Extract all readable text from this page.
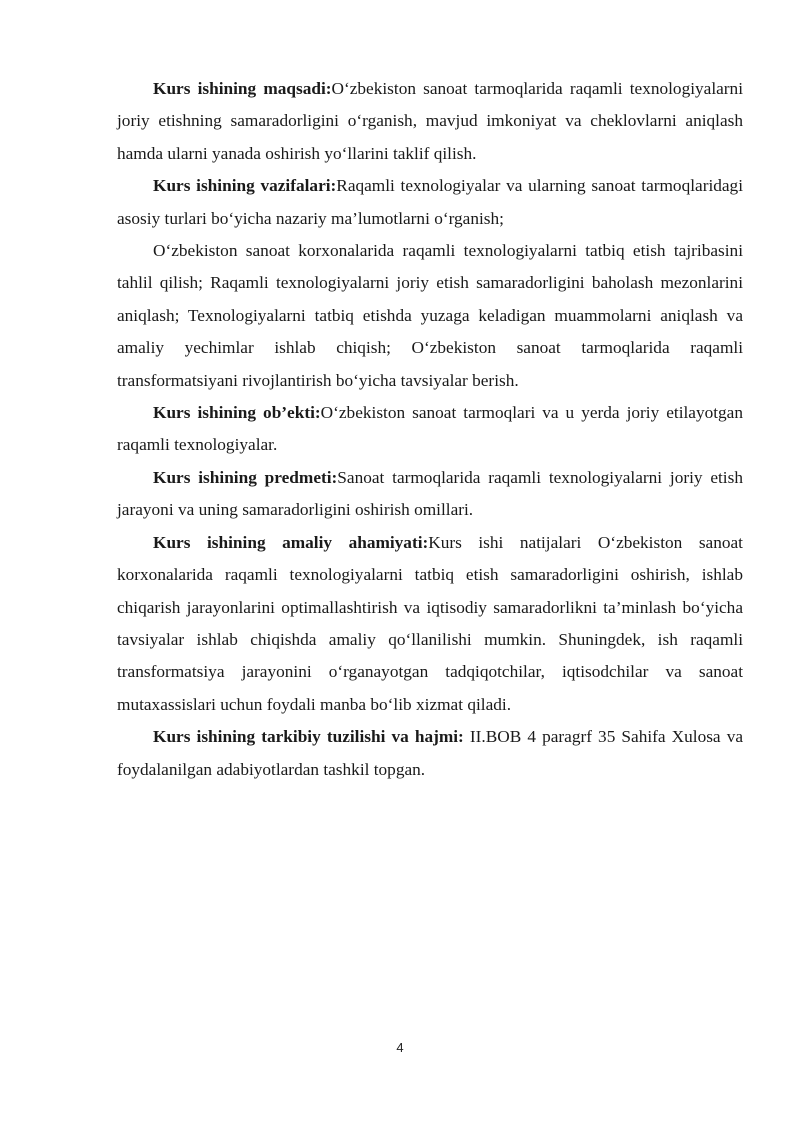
Kurs ishining maqsadi:O‘zbekiston sanoat tarmoqlarida raqamli texnologiyalarni joriy etishning samaradorligini o‘rganish, mavjud imkoniyat va cheklovlarni aniqlash hamda ularni yanada oshirish yo‘llarini taklif qilish.

Kurs ishining vazifalari:Raqamli texnologiyalar va ularning sanoat tarmoqlaridagi asosiy turlari bo‘yicha nazariy ma’lumotlarni o‘rganish;

O‘zbekiston sanoat korxonalarida raqamli texnologiyalarni tatbiq etish tajribasini tahlil qilish; Raqamli texnologiyalarni joriy etish samaradorligini baholash mezonlarini aniqlash; Texnologiyalarni tatbiq etishda yuzaga keladigan muammolarni aniqlash va amaliy yechimlar ishlab chiqish; O‘zbekiston sanoat tarmoqlarida raqamli transformatsiyani rivojlantirish bo‘yicha tavsiyalar berish.

Kurs ishining ob’ekti:O‘zbekiston sanoat tarmoqlari va u yerda joriy etilayotgan raqamli texnologiyalar.

Kurs ishining predmeti:Sanoat tarmoqlarida raqamli texnologiyalarni joriy etish jarayoni va uning samaradorligini oshirish omillari.

Kurs ishining amaliy ahamiyati:Kurs ishi natijalari O‘zbekiston sanoat korxonalarida raqamli texnologiyalarni tatbiq etish samaradorligini oshirish, ishlab chiqarish jarayonlarini optimallashtirish va iqtisodiy samaradorlikni ta’minlash bo‘yicha tavsiyalar ishlab chiqishda amaliy qo‘llanilishi mumkin. Shuningdek, ish raqamli transformatsiya jarayonini o‘rganayotgan tadqiqotchilar, iqtisodchilar va sanoat mutaxassislari uchun foydali manba bo‘lib xizmat qiladi.

Kurs ishining tarkibiy tuzilishi va hajmi: II.BOB 4 paragrf 35 Sahifa Xulosa va foydalanilgan adabiyotlardan tashkil topgan.

4
